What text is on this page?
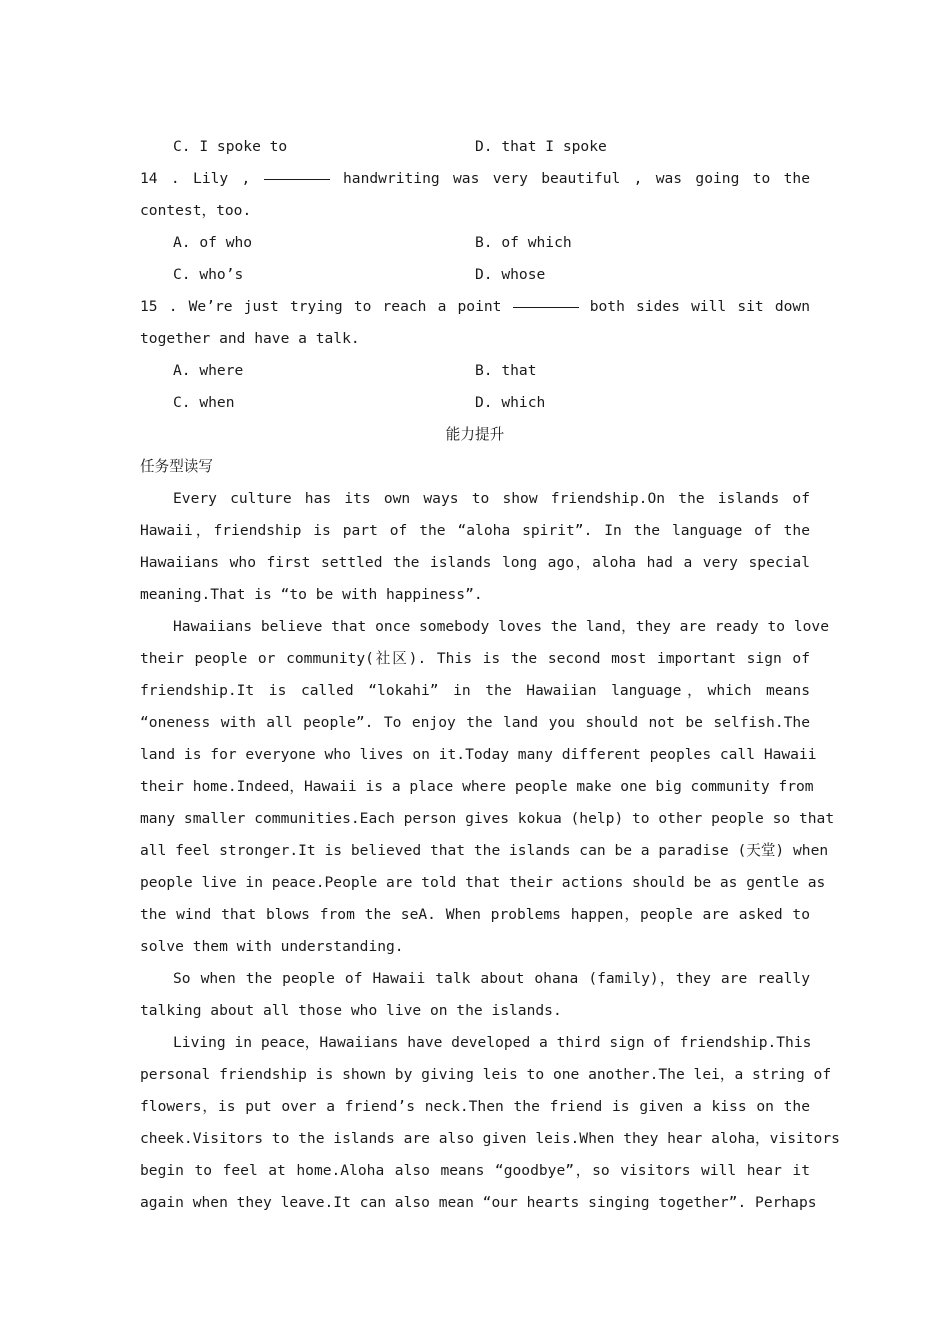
C. I spoke to	D. that I spoke
14 . Lily ,	handwriting was very beautiful , was going to the
contest，too.
A. of who	B. of which
C. who’s	D. whose
15 . We’re just trying to reach a point	both sides will sit down
together and have a talk.
A. where	B. that
C. when	D. which
能力提升
任务型读写
Every culture has its own ways to show friendship.On the islands of
Hawaii，friendship is part of the “aloha spirit”. In the language of the
Hawaiians who first settled the islands long ago，aloha had a very special
meaning.That is “to be with happiness”.
Hawaiians believe that once somebody loves the land，they are ready to love
their people or community(社区). This is the second most important sign of
friendship.It is called “lokahi” in the Hawaiian language，which means
“oneness with all people”. To enjoy the land you should not be selfish.The
land is for everyone who lives on it.Today many different peoples call Hawaii
their home.Indeed，Hawaii is a place where people make one big community from
many smaller communities.Each person gives kokua (help) to other people so that
all feel stronger.It is believed that the islands can be a paradise (天堂) when
people live in peace.People are told that their actions should be as gentle as
the wind that blows from the seA. When problems happen，people are asked to
solve them with understanding.
So when the people of Hawaii talk about ohana (family)，they are really
talking about all those who live on the islands.
Living in peace，Hawaiians have developed a third sign of friendship.This
personal friendship is shown by giving leis to one another.The lei，a string of
flowers，is put over a friend’s neck.Then the friend is given a kiss on the
cheek.Visitors to the islands are also given leis.When they hear aloha，visitors
begin to feel at home.Aloha also means “goodbye”，so visitors will hear it
again when they leave.It can also mean “our hearts singing together”. Perhaps
